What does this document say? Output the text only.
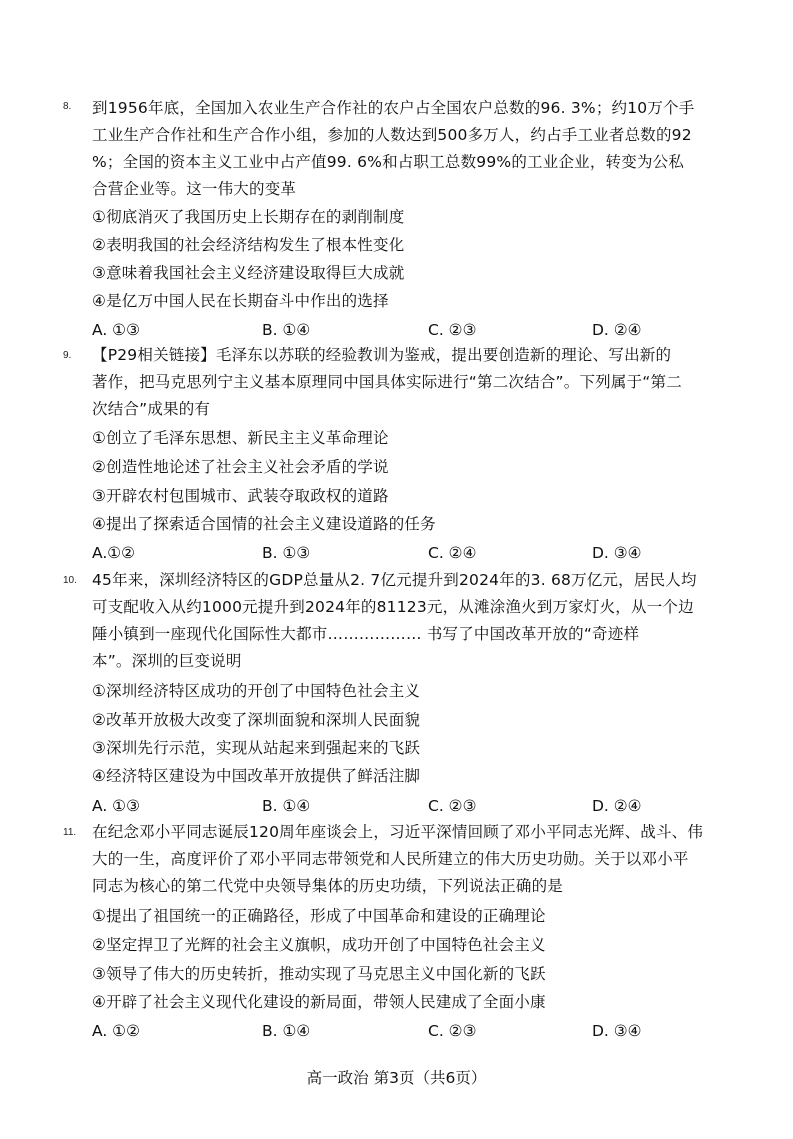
8. 到1956年底，全国加入农业生产合作社的农户占全国农户总数的96. 3%；约10万个手
工业生产合作社和生产合作小组，参加的人数达到500多万人，约占手工业者总数的92
%；全国的资本主义工业中占产值99. 6%和占职工总数99%的工业企业，转变为公私
合营企业等。这一伟大的变革
①彻底消灭了我国历史上长期存在的剥削制度
②表明我国的社会经济结构发生了根本性变化
③意味着我国社会主义经济建设取得巨大成就
④是亿万中国人民在长期奋斗中作出的选择
A. ①③	B. ①④	C. ②③	D. ②④
9. 【P29相关链接】毛泽东以苏联的经验教训为鉴戒，提出要创造新的理论、写出新的
著作，把马克思列宁主义基本原理同中国具体实际进行“第二次结合”。下列属于“第二
次结合”成果的有
①创立了毛泽东思想、新民主主义革命理论
②创造性地论述了社会主义社会矛盾的学说
③开辟农村包围城市、武装夺取政权的道路
④提出了探索适合国情的社会主义建设道路的任务
A.①②	B. ①③	C. ②④	D. ③④
10. 45年来，深圳经济特区的GDP总量从2. 7亿元提升到2024年的3. 68万亿元，居民人均
可支配收入从约1000元提升到2024年的81123元，从滩涂渔火到万家灯火，从一个边
陲小镇到一座现代化国际性大都市……………… 书写了中国改革开放的“奇迹样
本”。深圳的巨变说明
①深圳经济特区成功的开创了中国特色社会主义
②改革开放极大改变了深圳面貌和深圳人民面貌
③深圳先行示范，实现从站起来到强起来的飞跃
④经济特区建设为中国改革开放提供了鲜活注脚
A. ①③	B. ①④	C. ②③	D. ②④
11. 在纪念邓小平同志诞辰120周年座谈会上，习近平深情回顾了邓小平同志光辉、战斗、伟
大的一生，高度评价了邓小平同志带领党和人民所建立的伟大历史功勋。关于以邓小平
同志为核心的第二代党中央领导集体的历史功绩，下列说法正确的是
①提出了祖国统一的正确路径，形成了中国革命和建设的正确理论
②坚定捍卫了光辉的社会主义旗帜，成功开创了中国特色社会主义
③领导了伟大的历史转折，推动实现了马克思主义中国化新的飞跃
④开辟了社会主义现代化建设的新局面，带领人民建成了全面小康
A. ①②	B. ①④	C. ②③	D. ③④
高一政治 第3页（共6页）
